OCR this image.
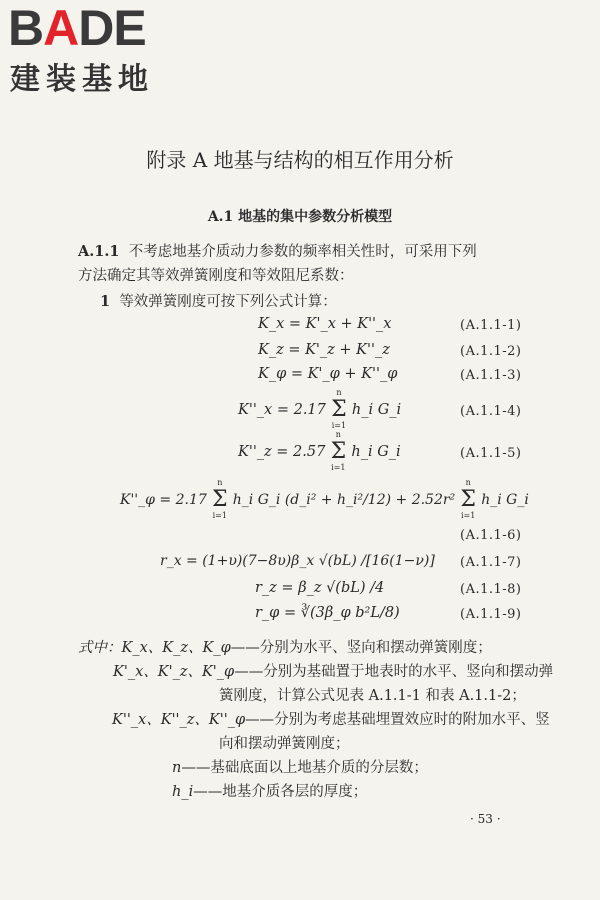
BADE
建装基地
附录 A 地基与结构的相互作用分析
A.1 地基的集中参数分析模型
A.1.1 不考虑地基介质动力参数的频率相关性时，可采用下列
方法确定其等效弹簧刚度和等效阻尼系数：
1 等效弹簧刚度可按下列公式计算：
K_x = K'_x + K''_x	(A.1.1-1)
K_z = K'_z + K''_z	(A.1.1-2)
K_φ = K'_φ + K''_φ	(A.1.1-3)
K''_x = 2.17
n
Σ
i=1
h_i G_i	(A.1.1-4)
K''_z = 2.57
n
Σ
i=1
h_i G_i	(A.1.1-5)
K''_φ = 2.17
n
Σ
i=1
h_i G_i (d_i² + h_i²/12) + 2.52r²
n
Σ
i=1
h_i G_i
(A.1.1-6)
r_x = (1+υ)(7−8υ)β_x √(bL) /[16(1−ν)] (A.1.1-7)
r_z = β_z √(bL) /4	(A.1.1-8)
r_φ = ∛(3β_φ b²L/8)	(A.1.1-9)
式中：K_x、K_z、K_φ——分别为水平、竖向和摆动弹簧刚度；
K'_x、K'_z、K'_φ——分别为基础置于地表时的水平、竖向和摆动弹
簧刚度，计算公式见表 A.1.1-1 和表 A.1.1-2；
K''_x、K''_z、K''_φ——分别为考虑基础埋置效应时的附加水平、竖
向和摆动弹簧刚度；
n——基础底面以上地基介质的分层数；
h_i——地基介质各层的厚度；
· 53 ·
